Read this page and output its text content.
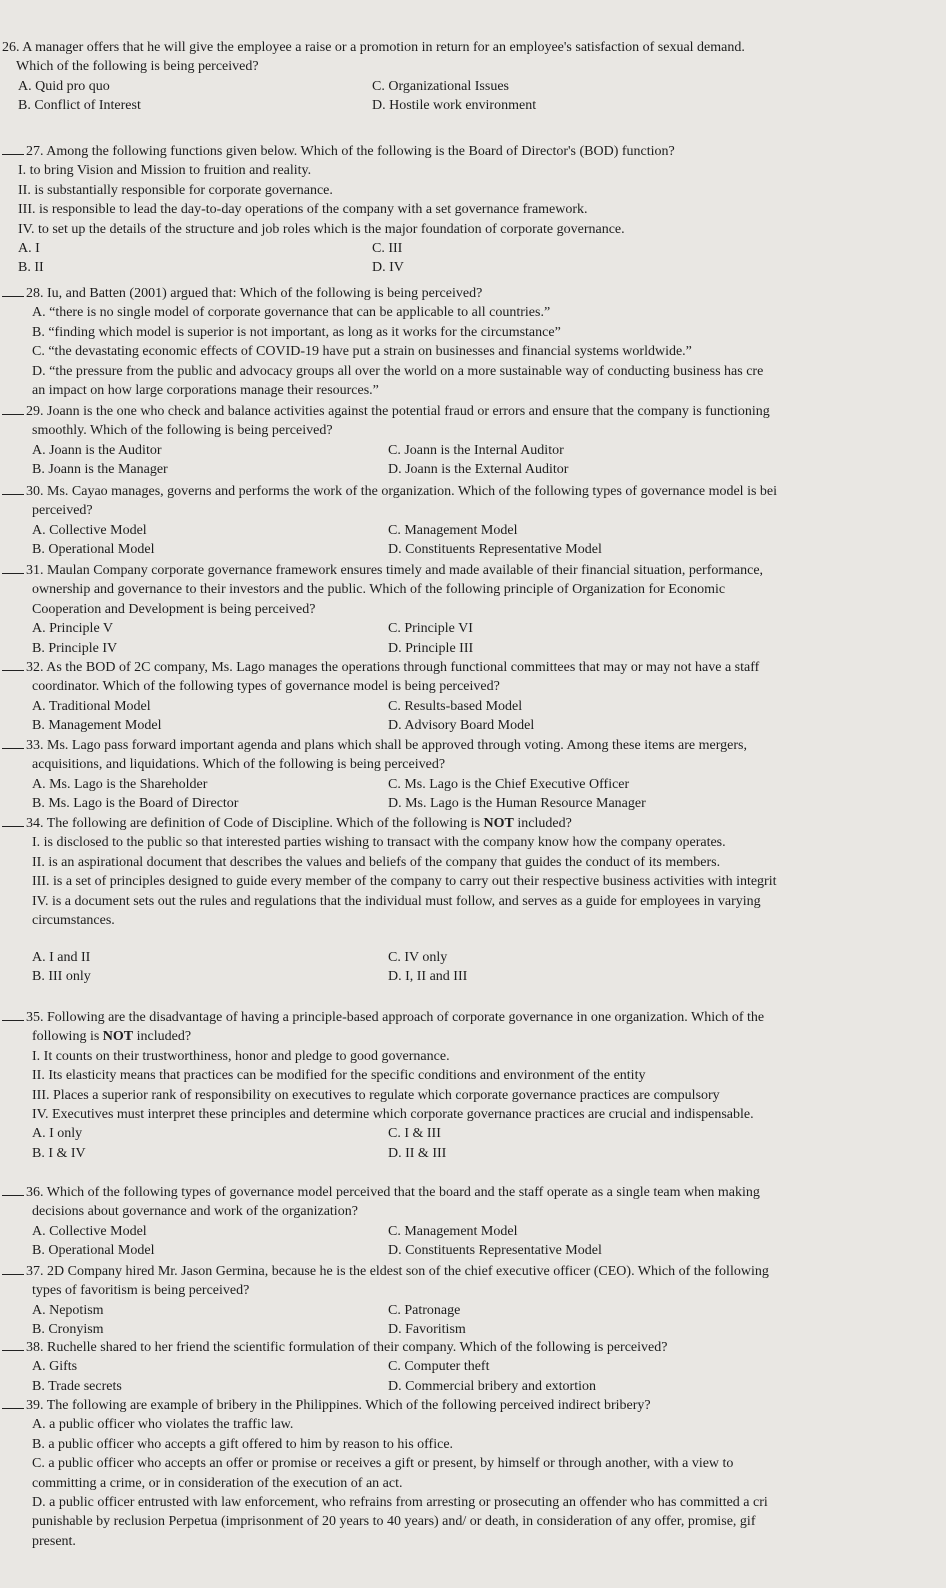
26. A manager offers that he will give the employee a raise or a promotion in return for an employee's satisfaction of sexual demand.
Which of the following is being perceived?
A. Quid pro quo	C. Organizational Issues
B. Conflict of Interest	D. Hostile work environment
27. Among the following functions given below. Which of the following is the Board of Director's (BOD) function?
I. to bring Vision and Mission to fruition and reality.
II. is substantially responsible for corporate governance.
III. is responsible to lead the day-to-day operations of the company with a set governance framework.
IV. to set up the details of the structure and job roles which is the major foundation of corporate governance.
A. I	C. III
B. II	D. IV
28. Iu, and Batten (2001) argued that: Which of the following is being perceived?
A. “there is no single model of corporate governance that can be applicable to all countries.”
B. “finding which model is superior is not important, as long as it works for the circumstance”
C. “the devastating economic effects of COVID-19 have put a strain on businesses and financial systems worldwide.”
D. “the pressure from the public and advocacy groups all over the world on a more sustainable way of conducting business has cre
an impact on how large corporations manage their resources.”
29. Joann is the one who check and balance activities against the potential fraud or errors and ensure that the company is functioning
smoothly. Which of the following is being perceived?
A. Joann is the Auditor	C. Joann is the Internal Auditor
B. Joann is the Manager	D. Joann is the External Auditor
30. Ms. Cayao manages, governs and performs the work of the organization. Which of the following types of governance model is bei
perceived?
A. Collective Model	C. Management Model
B. Operational Model	D. Constituents Representative Model
31. Maulan Company corporate governance framework ensures timely and made available of their financial situation, performance,
ownership and governance to their investors and the public. Which of the following principle of Organization for Economic
Cooperation and Development is being perceived?
A. Principle V	C. Principle VI
B. Principle IV	D. Principle III
32. As the BOD of 2C company, Ms. Lago manages the operations through functional committees that may or may not have a staff
coordinator. Which of the following types of governance model is being perceived?
A. Traditional Model	C. Results-based Model
B. Management Model	D. Advisory Board Model
33. Ms. Lago pass forward important agenda and plans which shall be approved through voting. Among these items are mergers,
acquisitions, and liquidations. Which of the following is being perceived?
A. Ms. Lago is the Shareholder	C. Ms. Lago is the Chief Executive Officer
B. Ms. Lago is the Board of Director	D. Ms. Lago is the Human Resource Manager
34. The following are definition of Code of Discipline. Which of the following is NOT included?
I. is disclosed to the public so that interested parties wishing to transact with the company know how the company operates.
II. is an aspirational document that describes the values and beliefs of the company that guides the conduct of its members.
III. is a set of principles designed to guide every member of the company to carry out their respective business activities with integrit
IV. is a document sets out the rules and regulations that the individual must follow, and serves as a guide for employees in varying
circumstances.
A. I and II	C. IV only
B. III only	D. I, II and III
35. Following are the disadvantage of having a principle-based approach of corporate governance in one organization. Which of the
following is NOT included?
I. It counts on their trustworthiness, honor and pledge to good governance.
II. Its elasticity means that practices can be modified for the specific conditions and environment of the entity
III. Places a superior rank of responsibility on executives to regulate which corporate governance practices are compulsory
IV. Executives must interpret these principles and determine which corporate governance practices are crucial and indispensable.
A. I only	C. I & III
B. I & IV	D. II & III
36. Which of the following types of governance model perceived that the board and the staff operate as a single team when making
decisions about governance and work of the organization?
A. Collective Model	C. Management Model
B. Operational Model	D. Constituents Representative Model
37. 2D Company hired Mr. Jason Germina, because he is the eldest son of the chief executive officer (CEO). Which of the following
types of favoritism is being perceived?
A. Nepotism	C. Patronage
B. Cronyism	D. Favoritism
38. Ruchelle shared to her friend the scientific formulation of their company. Which of the following is perceived?
A. Gifts	C. Computer theft
B. Trade secrets	D. Commercial bribery and extortion
39. The following are example of bribery in the Philippines. Which of the following perceived indirect bribery?
A. a public officer who violates the traffic law.
B. a public officer who accepts a gift offered to him by reason to his office.
C. a public officer who accepts an offer or promise or receives a gift or present, by himself or through another, with a view to
committing a crime, or in consideration of the execution of an act.
D. a public officer entrusted with law enforcement, who refrains from arresting or prosecuting an offender who has committed a cri
punishable by reclusion Perpetua (imprisonment of 20 years to 40 years) and/ or death, in consideration of any offer, promise, gif
present.
